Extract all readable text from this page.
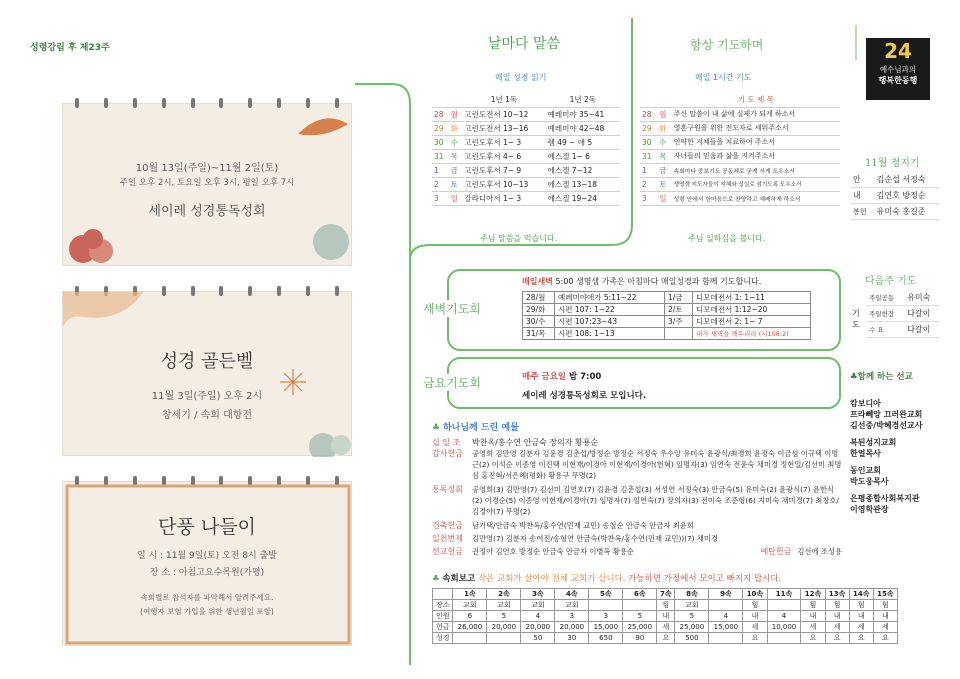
성령강림 후 제23주
10월 13일(주일)~11월 2일(토)
주일 오후 2시, 토요일 오후 3시, 평일 오후 7시
세이레 성경통독성회
성경 골든벨
11월 3일(주일) 오후 2시
창세기 / 속회 대항전
단풍 나들이
일 시 : 11월 9일(토) 오전 8시 출발
장 소 : 아침고요수목원(가평)
속회별로 참석자를 파악해서 알려주세요.
(여행자 보험 가입을 위한 생년월일 포함)
날마다 말씀
매일 성경 읽기
		1년 1독	1년 2독
28	월	고린도전서 10~12	예레미야 35~41
29	화	고린도전서 13~16	예레미야 42~48
30	수	고린도후서 1~ 3	렘 49 ~ 애 5
31	목	고린도후서 4~ 6	에스겔 1~ 6
1	금	고린도후서 7~ 9	에스겔 7~12
2	토	고린도후서 10~13	에스겔 13~18
3	일	갈라디아서 1~ 3	에스겔 19~24
주님 말씀을 먹습니다.
항상 기도하며
매일 1시간 기도
		기 도 제 목
28	월	주신 말씀이 내 삶에 실제가 되게 하소서
29	화	영혼구원을 위한 전도자로 세워주소서
30	수	연약한 지체들을 치료하여 주소서
31	목	자녀들의 믿음과 삶을 지켜주소서
1	금	속회마다 중보기도 공동체로 굳게 서게 도우소서
2	토	생명샘 지도자들이 지혜와 성실로 섬기도록 도우소서
3	일	성령 안에서 한마음으로 찬양하고 예배하게 하소서
주님 일하심을 봅니다.
새벽기도회
매일새벽 5:00 생명샘 가족은 아침마다 매일성경과 함께 기도합니다.
28/월	예레미야애가 5:11~22	1/금	디모데전서 1: 1~11
29/화	시편 107: 1~22	2/토	디모데전서 1:12~20
30/수	시편 107:23~43	3/주	디모데전서 2: 1~ 7
31/목	시편 108: 1~13		내가 새벽을 깨우리라 (시108:2)
금요기도회	매주 금요일 밤 7:00
세이레 성경통독성회로 모입니다.
♣ 하나님께 드린 예물
십 일 조	박찬옥/홍수연 안금숙 장의자 황용순
감사헌금	공영희 김만영 김분자 김윤경 김춘섭/방정순 방정순 서정숙 우수앙 유미숙 윤광식/최경희 윤정숙 이금섬 이규택 이명근(2) 이석순 이종영 이진택 이현재/이경아 이현재/이경아(헌혁) 임명자(3) 임연숙 전윤숙 채미경 정현일/김선미 최명심 홍진혁/서은혜(평화) 황용구 무명(2)
통독성회	공영희(3) 김만영(7) 김선미 김연호(7) 김윤경 김춘섭(3) 서성연 서정숙(3) 안금숙(5) 유미숙(2) 윤광식(7) 윤한식(2) 이경순(5) 이종영 이현재/이경아(7) 임명자(7) 임연숙(7) 장의자(3) 전미숙 조준형(6) 지미숙 채미경(7) 최창호/김경아(7) 무명(2)
건축헌금	남기택/안금숙 박찬옥/홍수연(민재 교민) 송철순 안금숙 안금자 최윤희
일천번제	김만영(7) 김분자 송여진/송형연 안금숙(박찬옥/홍수연(민재 교민))(7) 채미경
선교헌금	권정아 김연호 방정순 안금숙 안금자 이병옥 황용순	예탄헌금 김선에 조성용
♣ 속회보고 작은 교회가 살아야 전체 교회가 삽니다. 가능하면 가정에서 모이고 빠지지 맙시다.
	1속	2속	3속	4속	5속	6속	7속	8속	9속	10속	11속	12속	13속	14속	15속
장소	교회	교회	교회	교회			힘	교회		힘		힘	힘	힘	힘
인원	6	5	4	3	3	5	내	5	4	내	4	내	내	내	내
헌금	26,000	20,000	20,000	20,000	15,000	25,000	세	25,000	15,000	세	10,000	세	세	세	세
성경			50	30	650	90	요	500		요		요	요	요	요
24
예수님과의
행복한동행
11월 청지기
안	김순섭 서정숙
내	김연호 방정순
봉헌	유미숙 홍길준
다음주 기도
기도
주일공동	유미숙
주일헌장	다갈이
수 요	다갈이
♣함께 하는 선교
캄보디아
프라뻬앙 끄러완교회
김선중/박혜경선교사
복된성지교회
한얼목사
동인교회
박도웅목사
은평종합사회복지관
이영학관장
